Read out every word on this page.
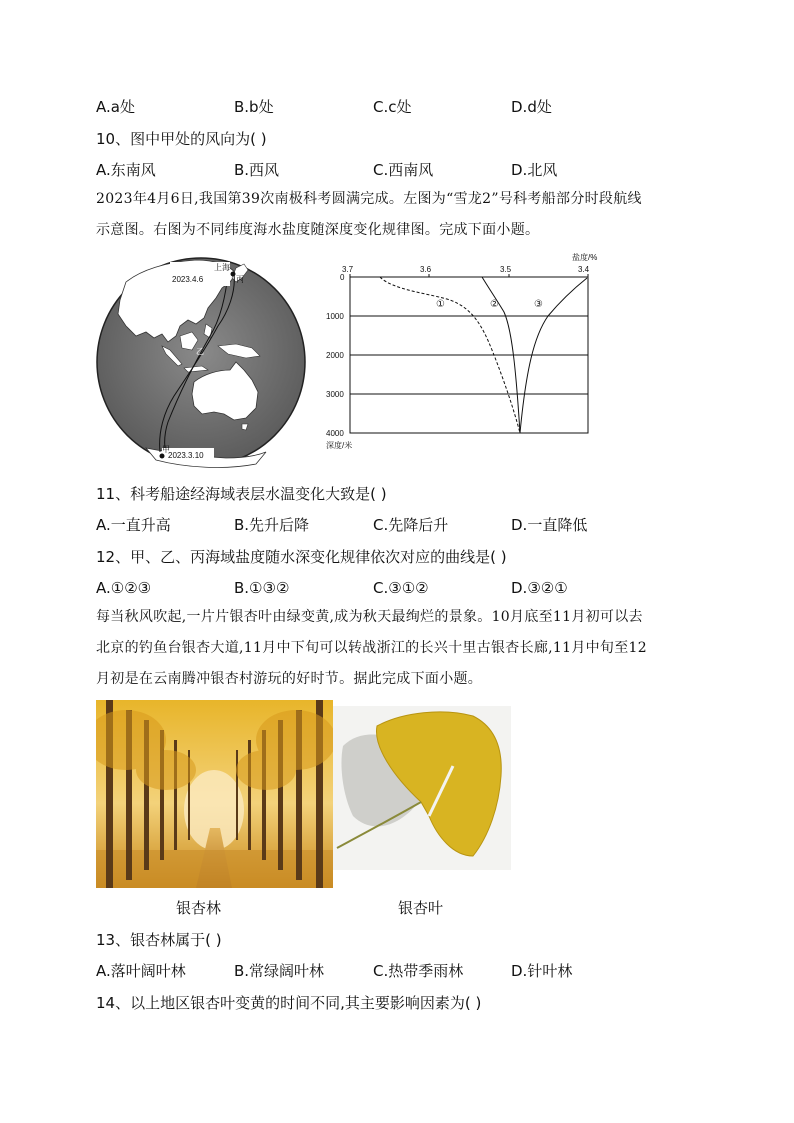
A.a处	B.b处	C.c处	D.d处
10、图中甲处的风向为( )
A.东南风	B.西风	C.西南风	D.北风
2023年4月6日,我国第39次南极科考圆满完成。左图为“雪龙2”号科考船部分时段航线
示意图。右图为不同纬度海水盐度随深度变化规律图。完成下面小题。
上海
2023.4.6	丙
乙
甲
2023.3.10
盐度/%
3.7	3.6	3.5	3.4
0
1000
2000
3000
4000
深度/米
①	②	③
11、科考船途经海域表层水温变化大致是( )
A.一直升高	B.先升后降	C.先降后升	D.一直降低
12、甲、乙、丙海域盐度随水深变化规律依次对应的曲线是( )
A.①②③	B.①③②	C.③①②	D.③②①
每当秋风吹起,一片片银杏叶由绿变黄,成为秋天最绚烂的景象。10月底至11月初可以去
北京的钓鱼台银杏大道,11月中下旬可以转战浙江的长兴十里古银杏长廊,11月中旬至12
月初是在云南腾冲银杏村游玩的好时节。据此完成下面小题。
银杏林	银杏叶
13、银杏林属于( )
A.落叶阔叶林	B.常绿阔叶林	C.热带季雨林	D.针叶林
14、以上地区银杏叶变黄的时间不同,其主要影响因素为( )
